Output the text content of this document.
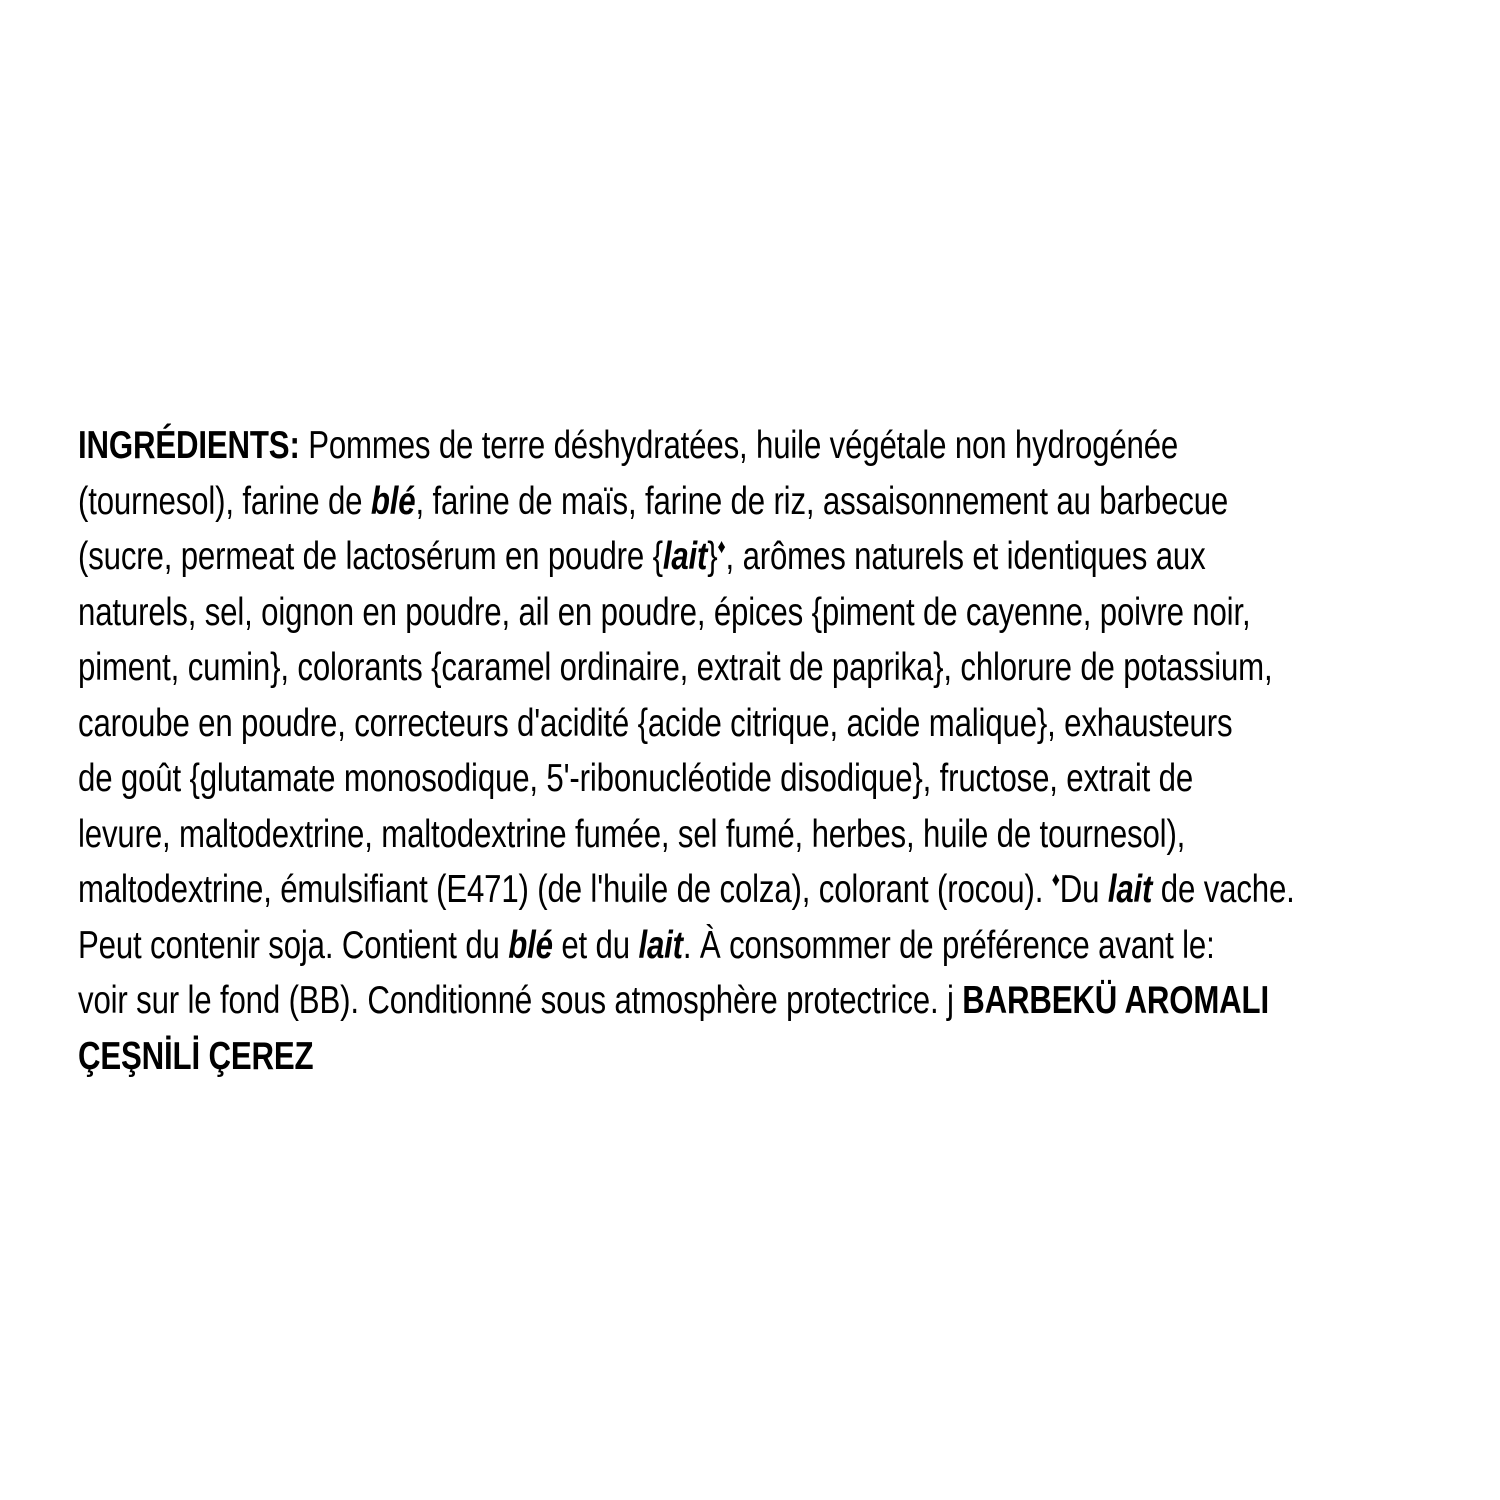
INGRÉDIENTS: Pommes de terre déshydratées, huile végétale non hydrogénée
(tournesol), farine de blé, farine de maïs, farine de riz, assaisonnement au barbecue
(sucre, permeat de lactosérum en poudre {lait}♦, arômes naturels et identiques aux
naturels, sel, oignon en poudre, ail en poudre, épices {piment de cayenne, poivre noir,
piment, cumin}, colorants {caramel ordinaire, extrait de paprika}, chlorure de potassium,
caroube en poudre, correcteurs d'acidité {acide citrique, acide malique}, exhausteurs
de goût {glutamate monosodique, 5'-ribonucléotide disodique}, fructose, extrait de
levure, maltodextrine, maltodextrine fumée, sel fumé, herbes, huile de tournesol),
maltodextrine, émulsifiant (E471) (de l'huile de colza), colorant (rocou). ♦Du lait de vache.
Peut contenir soja. Contient du blé et du lait. À consommer de préférence avant le:
voir sur le fond (BB). Conditionné sous atmosphère protectrice. j BARBEKÜ AROMALI
ÇEŞNİLİ ÇEREZ
